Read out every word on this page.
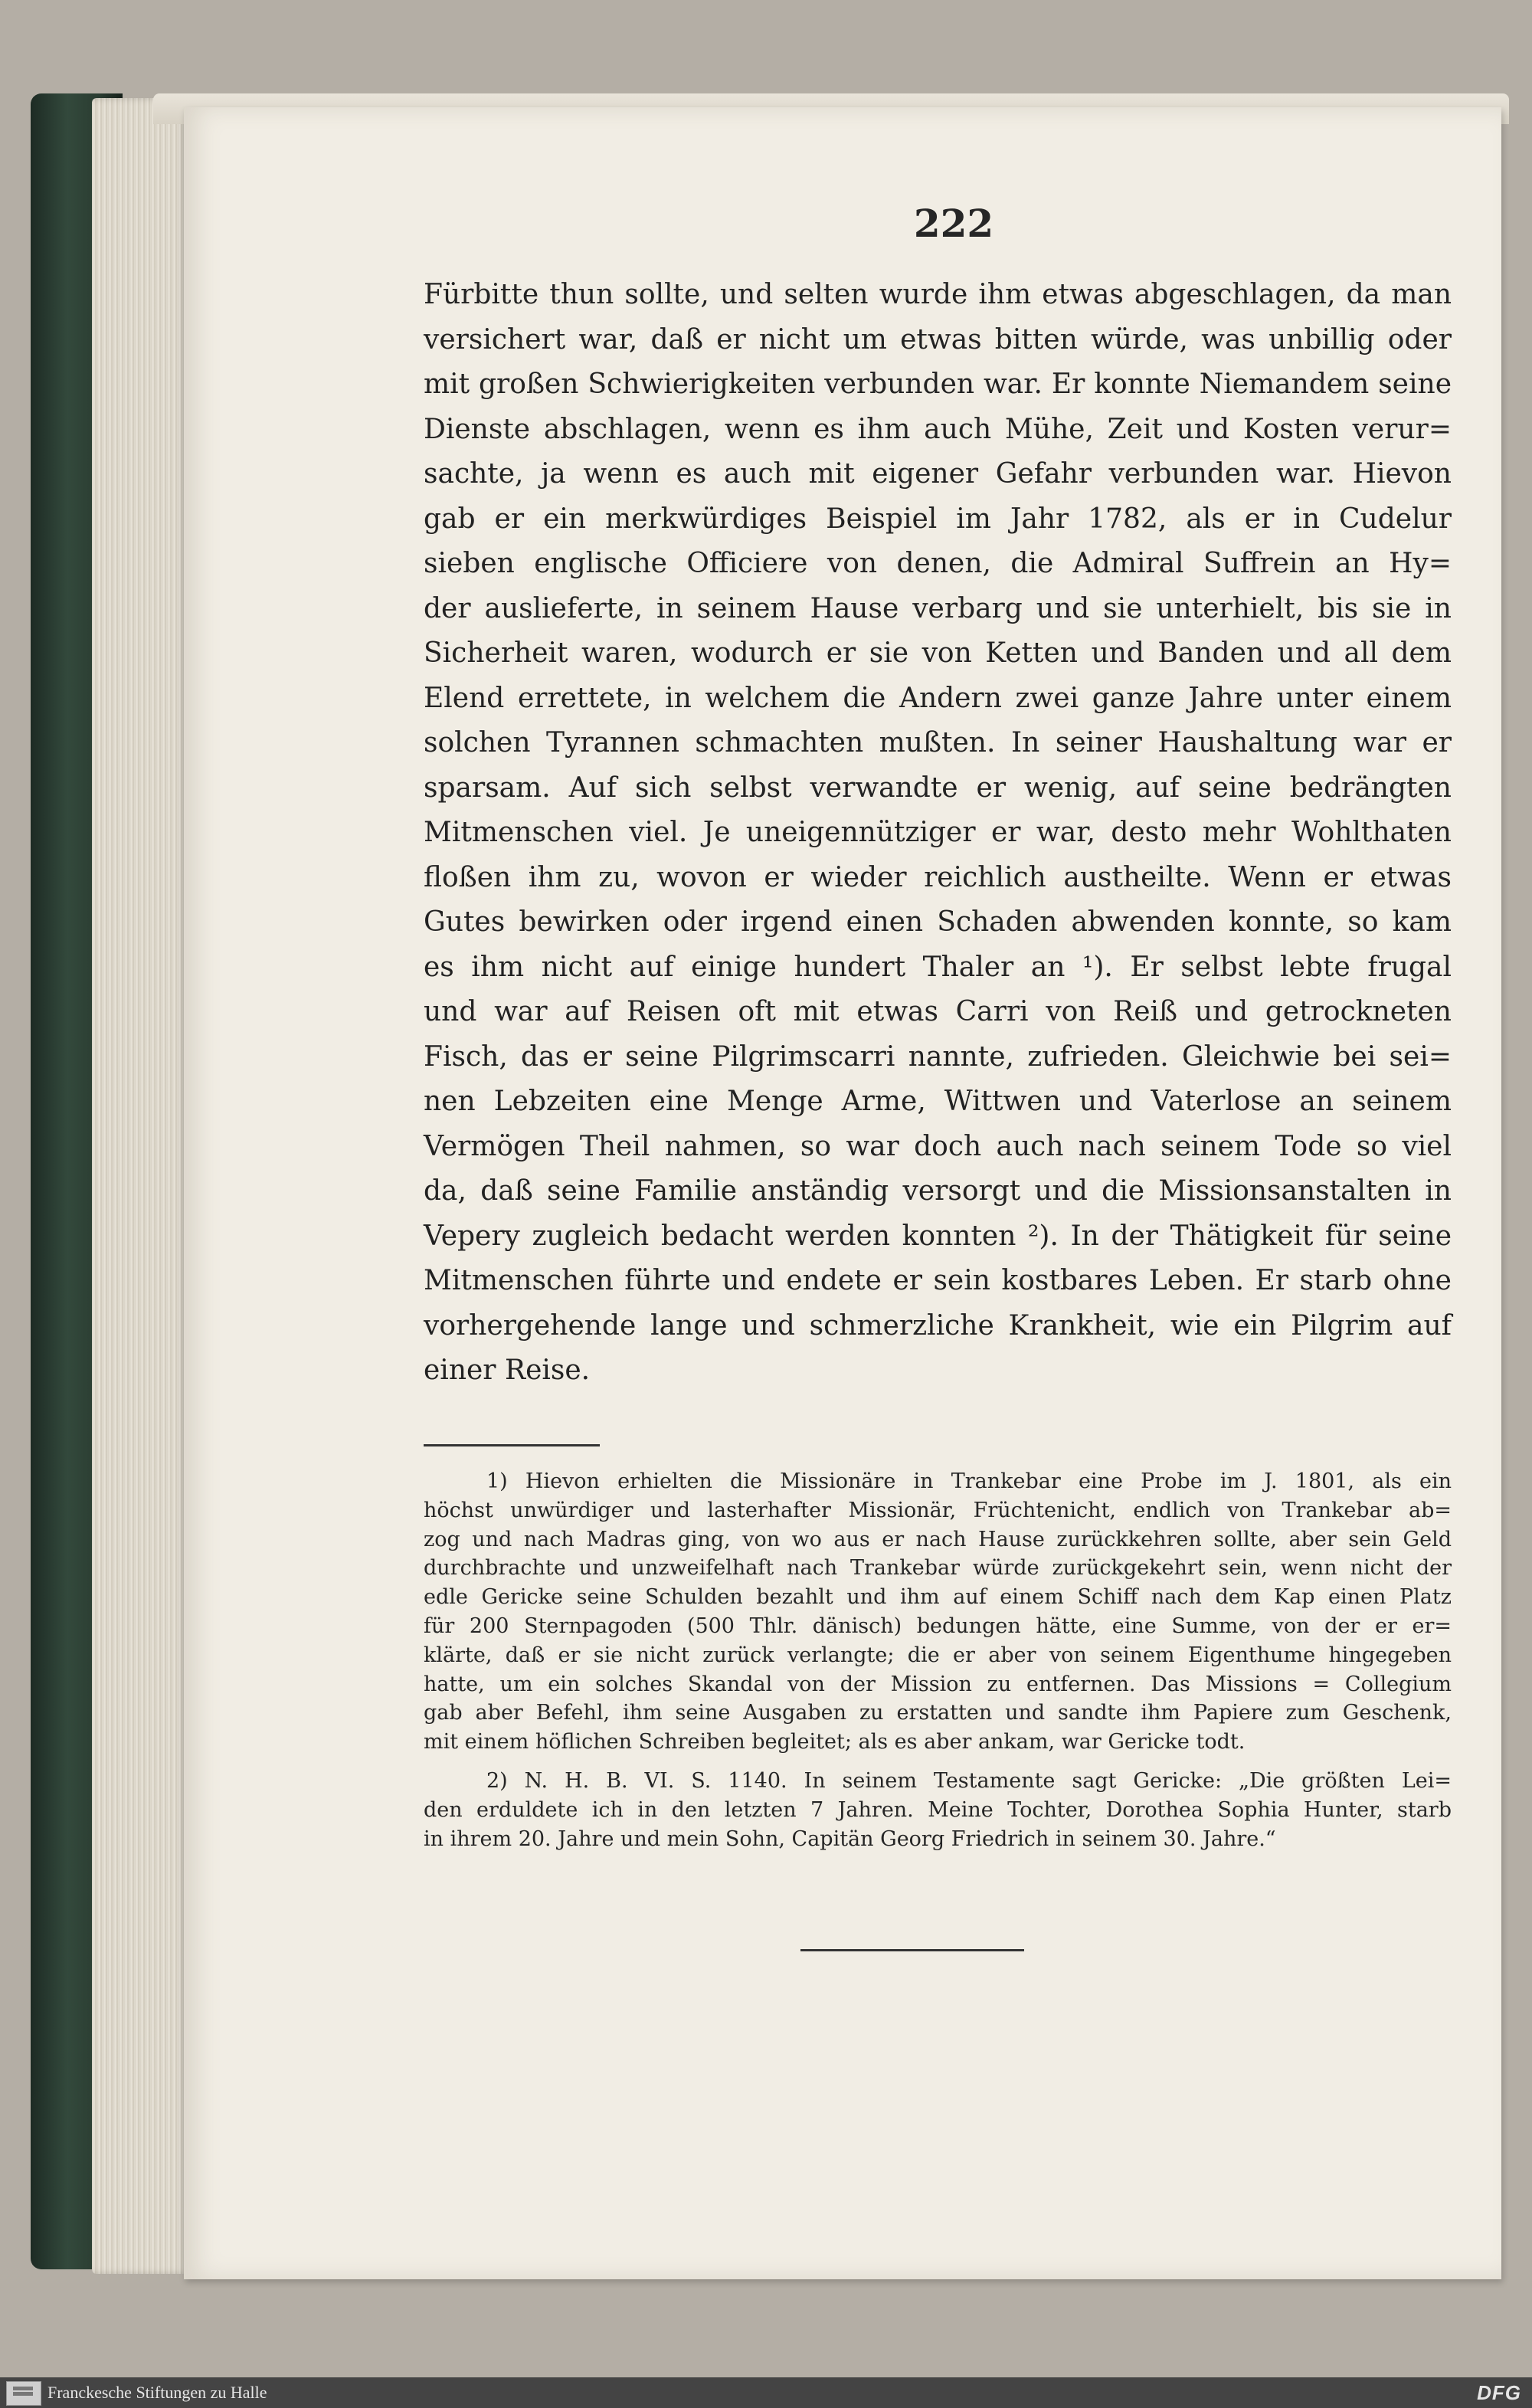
222
Fürbitte thun sollte, und selten wurde ihm etwas abgeschlagen, da man
versichert war, daß er nicht um etwas bitten würde, was unbillig oder
mit großen Schwierigkeiten verbunden war. Er konnte Niemandem seine
Dienste abschlagen, wenn es ihm auch Mühe, Zeit und Kosten verur=
sachte, ja wenn es auch mit eigener Gefahr verbunden war. Hievon
gab er ein merkwürdiges Beispiel im Jahr 1782, als er in Cudelur
sieben englische Officiere von denen, die Admiral Suffrein an Hy=
der auslieferte, in seinem Hause verbarg und sie unterhielt, bis sie in
Sicherheit waren, wodurch er sie von Ketten und Banden und all dem
Elend errettete, in welchem die Andern zwei ganze Jahre unter einem
solchen Tyrannen schmachten mußten. In seiner Haushaltung war er
sparsam. Auf sich selbst verwandte er wenig, auf seine bedrängten
Mitmenschen viel. Je uneigennütziger er war, desto mehr Wohlthaten
floßen ihm zu, wovon er wieder reichlich austheilte. Wenn er etwas
Gutes bewirken oder irgend einen Schaden abwenden konnte, so kam
es ihm nicht auf einige hundert Thaler an ¹). Er selbst lebte frugal
und war auf Reisen oft mit etwas Carri von Reiß und getrockneten
Fisch, das er seine Pilgrimscarri nannte, zufrieden. Gleichwie bei sei=
nen Lebzeiten eine Menge Arme, Wittwen und Vaterlose an seinem
Vermögen Theil nahmen, so war doch auch nach seinem Tode so viel
da, daß seine Familie anständig versorgt und die Missionsanstalten in
Vepery zugleich bedacht werden konnten ²). In der Thätigkeit für seine
Mitmenschen führte und endete er sein kostbares Leben. Er starb ohne
vorhergehende lange und schmerzliche Krankheit, wie ein Pilgrim auf
einer Reise.
1) Hievon erhielten die Missionäre in Trankebar eine Probe im J. 1801, als ein
höchst unwürdiger und lasterhafter Missionär, Früchtenicht, endlich von Trankebar ab=
zog und nach Madras ging, von wo aus er nach Hause zurückkehren sollte, aber sein Geld
durchbrachte und unzweifelhaft nach Trankebar würde zurückgekehrt sein, wenn nicht der
edle Gericke seine Schulden bezahlt und ihm auf einem Schiff nach dem Kap einen Platz
für 200 Sternpagoden (500 Thlr. dänisch) bedungen hätte, eine Summe, von der er er=
klärte, daß er sie nicht zurück verlangte; die er aber von seinem Eigenthume hingegeben
hatte, um ein solches Skandal von der Mission zu entfernen. Das Missions = Collegium
gab aber Befehl, ihm seine Ausgaben zu erstatten und sandte ihm Papiere zum Geschenk,
mit einem höflichen Schreiben begleitet; als es aber ankam, war Gericke todt.
2) N. H. B. VI. S. 1140. In seinem Testamente sagt Gericke: „Die größten Lei=
den erduldete ich in den letzten 7 Jahren. Meine Tochter, Dorothea Sophia Hunter, starb
in ihrem 20. Jahre und mein Sohn, Capitän Georg Friedrich in seinem 30. Jahre.“
Franckesche Stiftungen zu Halle	DFG
